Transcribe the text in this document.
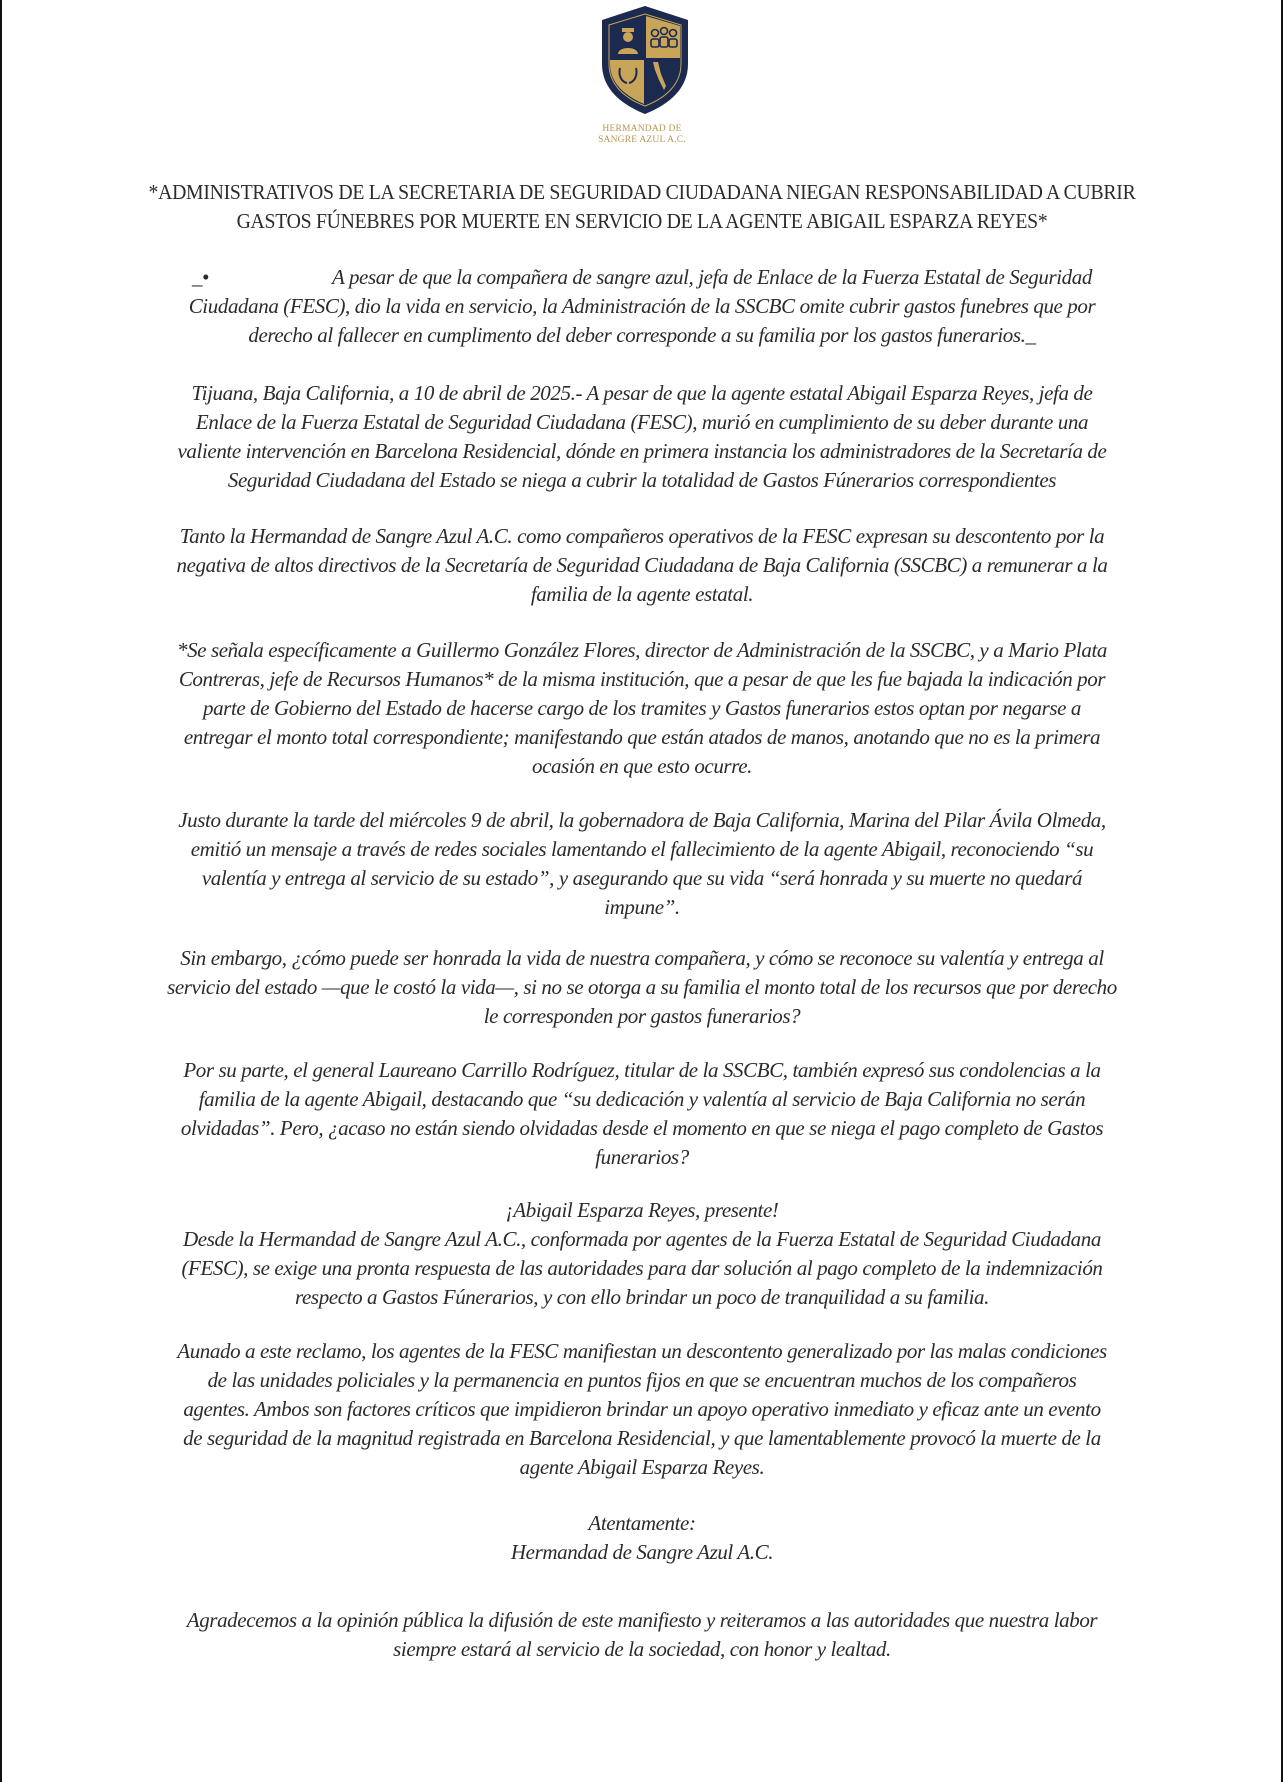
HERMANDAD DE
SANGRE AZUL A.C.
*ADMINISTRATIVOS DE LA SECRETARIA DE SEGURIDAD CIUDADANA NIEGAN RESPONSABILIDAD A CUBRIR
GASTOS FÚNEBRES POR MUERTE EN SERVICIO DE LA AGENTE ABIGAIL ESPARZA REYES*
_•	A pesar de que la compañera de sangre azul, jefa de Enlace de la Fuerza Estatal de Seguridad
Ciudadana (FESC), dio la vida en servicio, la Administración de la SSCBC omite cubrir gastos funebres que por
derecho al fallecer en cumplimento del deber corresponde a su familia por los gastos funerarios._
Tijuana, Baja California, a 10 de abril de 2025.- A pesar de que la agente estatal Abigail Esparza Reyes, jefa de
Enlace de la Fuerza Estatal de Seguridad Ciudadana (FESC), murió en cumplimiento de su deber durante una
valiente intervención en Barcelona Residencial, dónde en primera instancia los administradores de la Secretaría de
Seguridad Ciudadana del Estado se niega a cubrir la totalidad de Gastos Fúnerarios correspondientes
Tanto la Hermandad de Sangre Azul A.C. como compañeros operativos de la FESC expresan su descontento por la
negativa de altos directivos de la Secretaría de Seguridad Ciudadana de Baja California (SSCBC) a remunerar a la
familia de la agente estatal.
*Se señala específicamente a Guillermo González Flores, director de Administración de la SSCBC, y a Mario Plata
Contreras, jefe de Recursos Humanos* de la misma institución, que a pesar de que les fue bajada la indicación por
parte de Gobierno del Estado de hacerse cargo de los tramites y Gastos funerarios estos optan por negarse a
entregar el monto total correspondiente; manifestando que están atados de manos, anotando que no es la primera
ocasión en que esto ocurre.
Justo durante la tarde del miércoles 9 de abril, la gobernadora de Baja California, Marina del Pilar Ávila Olmeda,
emitió un mensaje a través de redes sociales lamentando el fallecimiento de la agente Abigail, reconociendo “su
valentía y entrega al servicio de su estado”, y asegurando que su vida “será honrada y su muerte no quedará
impune”.
Sin embargo, ¿cómo puede ser honrada la vida de nuestra compañera, y cómo se reconoce su valentía y entrega al
servicio del estado —que le costó la vida—, si no se otorga a su familia el monto total de los recursos que por derecho
le corresponden por gastos funerarios?
Por su parte, el general Laureano Carrillo Rodríguez, titular de la SSCBC, también expresó sus condolencias a la
familia de la agente Abigail, destacando que “su dedicación y valentía al servicio de Baja California no serán
olvidadas”. Pero, ¿acaso no están siendo olvidadas desde el momento en que se niega el pago completo de Gastos
funerarios?
¡Abigail Esparza Reyes, presente!
Desde la Hermandad de Sangre Azul A.C., conformada por agentes de la Fuerza Estatal de Seguridad Ciudadana
(FESC), se exige una pronta respuesta de las autoridades para dar solución al pago completo de la indemnización
respecto a Gastos Fúnerarios, y con ello brindar un poco de tranquilidad a su familia.
Aunado a este reclamo, los agentes de la FESC manifiestan un descontento generalizado por las malas condiciones
de las unidades policiales y la permanencia en puntos fijos en que se encuentran muchos de los compañeros
agentes. Ambos son factores críticos que impidieron brindar un apoyo operativo inmediato y eficaz ante un evento
de seguridad de la magnitud registrada en Barcelona Residencial, y que lamentablemente provocó la muerte de la
agente Abigail Esparza Reyes.
Atentamente:
Hermandad de Sangre Azul A.C.
Agradecemos a la opinión pública la difusión de este manifiesto y reiteramos a las autoridades que nuestra labor
siempre estará al servicio de la sociedad, con honor y lealtad.
